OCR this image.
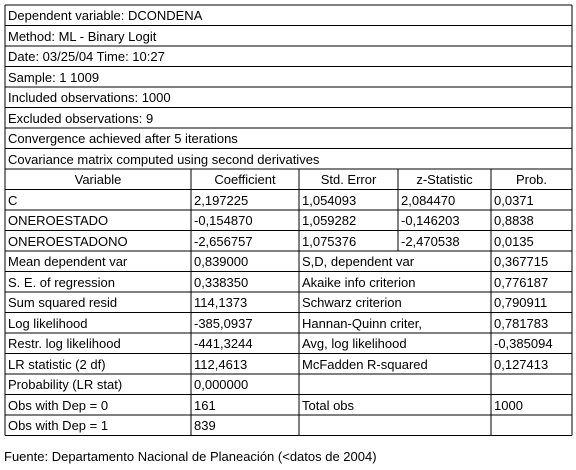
Dependent variable: DCONDENA
Method: ML - Binary Logit
Date: 03/25/04 Time: 10:27
Sample: 1 1009
Included observations: 1000
Excluded observations: 9
Convergence achieved after 5 iterations
Covariance matrix computed using second derivatives
Variable	Coefficient	Std. Error	z-Statistic	Prob.
C	2,197225	1,054093	2,084470	0,0371
ONEROESTADO	-0,154870	1,059282	-0,146203	0,8838
ONEROESTADONO	-2,656757	1,075376	-2,470538	0,0135
Mean dependent var	0,839000	S,D, dependent var	0,367715
S. E. of regression	0,338350	Akaike info criterion	0,776187
Sum squared resid	114,1373	Schwarz criterion	0,790911
Log likelihood	-385,0937	Hannan-Quinn criter,	0,781783
Restr. log likelihood	-441,3244	Avg, log likelihood	-0,385094
LR statistic (2 df)	112,4613	McFadden R-squared	0,127413
Probability (LR stat)	0,000000
Obs with Dep = 0	161	Total obs	1000
Obs with Dep = 1	839
Fuente: Departamento Nacional de Planeación (<datos de 2004)
